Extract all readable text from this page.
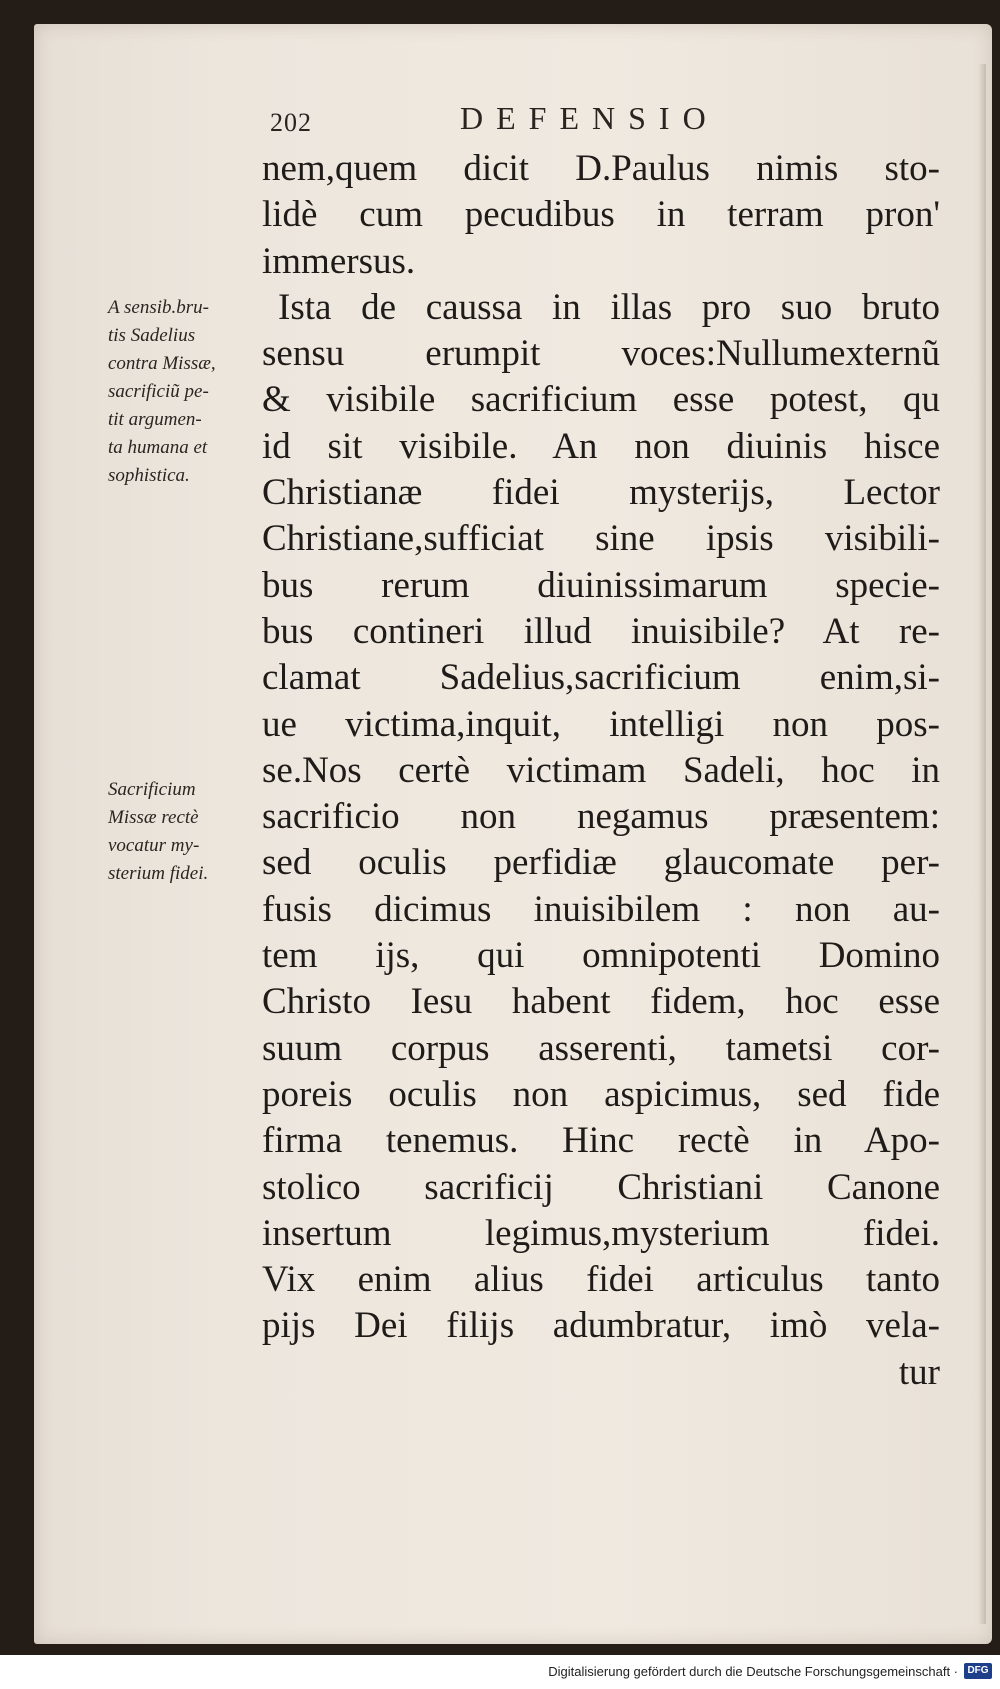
202	DEFENSIO
nem,quem dicit D.Paulus nimis sto-
lidè cum pecudibus in terram pron'
immersus.
Ista de caussa in illas pro suo bruto
sensu erumpit voces:Nullumexternũ
& visibile sacrificium esse potest, qu
id sit visibile. An non diuinis hisce
Christianæ fidei mysterijs, Lector
Christiane,sufficiat sine ipsis visibili-
bus rerum diuinissimarum specie-
bus contineri illud inuisibile? At re-
clamat Sadelius,sacrificium enim,si-
ue victima,inquit, intelligi non pos-
se.Nos certè victimam Sadeli, hoc in
sacrificio non negamus præsentem:
sed oculis perfidiæ glaucomate per-
fusis dicimus inuisibilem : non au-
tem ijs, qui omnipotenti Domino
Christo Iesu habent fidem, hoc esse
suum corpus asserenti, tametsi cor-
poreis oculis non aspicimus, sed fide
firma tenemus. Hinc rectè in Apo-
stolico sacrificij Christiani Canone
insertum legimus,mysterium fidei.
Vix enim alius fidei articulus tanto
pijs Dei filijs adumbratur, imò vela-
tur
A sensib.bru-
tis Sadelius
contra Missæ,
sacrificiũ pe-
tit argumen-
ta humana et
sophistica.
Sacrificium
Missæ rectè
vocatur my-
sterium fidei.
Digitalisierung gefördert durch die Deutsche Forschungsgemeinschaft · DFG
